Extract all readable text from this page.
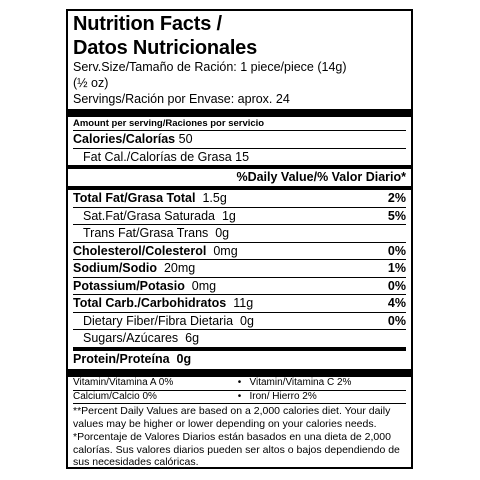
Nutrition Facts /
Datos Nutricionales
Serv.Size/Tamaño de Ración: 1 piece/piece (14g)
(½ oz)
Servings/Ración por Envase: aprox. 24
Amount per serving/Raciones por servicio
Calories/Calorías 50
Fat Cal./Calorías de Grasa 15
%Daily Value/% Valor Diario*
Total Fat/Grasa Total 1.5g	2%
Sat.Fat/Grasa Saturada 1g	5%
Trans Fat/Grasa Trans 0g
Cholesterol/Colesterol 0mg	0%
Sodium/Sodio 20mg	1%
Potassium/Potasio 0mg	0%
Total Carb./Carbohidratos 11g	4%
Dietary Fiber/Fibra Dietaria 0g	0%
Sugars/Azúcares 6g
Protein/Proteína 0g
Vitamin/Vitamina A 0%	• Vitamin/Vitamina C 2%
Calcium/Calcio 0%	• Iron/ Hierro 2%
**Percent Daily Values are based on a 2,000 calories diet. Your daily values may be higher or lower depending on your calories needs.
*Porcentaje de Valores Diarios están basados en una dieta de 2,000 calorías. Sus valores diarios pueden ser altos o bajos dependiendo de sus necesidades calóricas.
